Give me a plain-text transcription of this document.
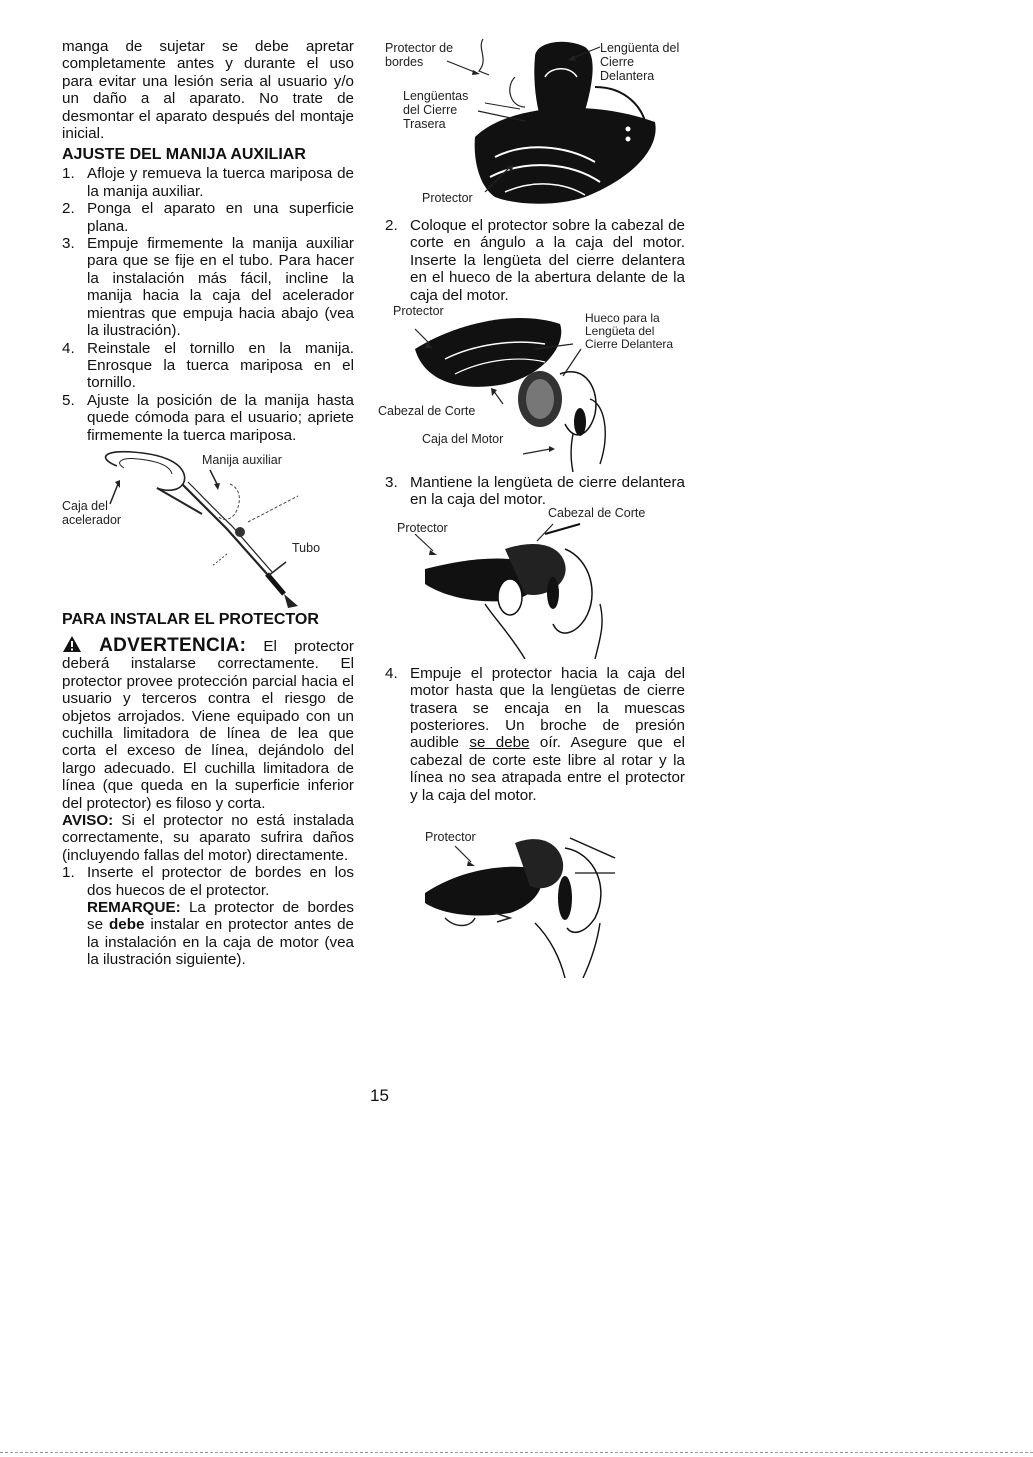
manga de sujetar se debe apretar completamente antes y durante el uso para evitar una lesión seria al usuario y/o un daño a al aparato. No trate de desmontar el aparato después del montaje inicial.

AJUSTE DEL MANIJA AUXILIAR
1. Afloje y remueva la tuerca mariposa de la manija auxiliar.
2. Ponga el aparato en una superficie plana.
3. Empuje firmemente la manija auxiliar para que se fije en el tubo. Para hacer la instalación más fácil, incline la manija hacia la caja del acelerador mientras que empuja hacia abajo (vea la ilustración).
4. Reinstale el tornillo en la manija. Enrosque la tuerca mariposa en el tornillo.
5. Ajuste la posición de la manija hasta quede cómoda para el usuario; apriete firmemente la tuerca mariposa.
Manija auxiliar
Caja del acelerador
Tubo
PARA INSTALAR EL PROTECTOR
ADVERTENCIA: El protector deberá instalarse correctamente. El protector provee protección parcial hacia el usuario y terceros contra el riesgo de objetos arrojados. Viene equipado con un cuchilla limitadora de línea de lea que corta el exceso de línea, dejándolo del largo adecuado. El cuchilla limitadora de línea (que queda en la superficie inferior del protector) es filoso y corta.

AVISO: Si el protector no está instalada correctamente, su aparato sufrira daños (incluyendo fallas del motor) directamente.

1. Inserte el protector de bordes en los dos huecos de el protector.
REMARQUE: La protector de bordes se debe instalar en protector antes de la instalación en la caja de motor (vea la ilustración siguiente).
Protector de bordes
Lengüenta del Cierre Delantera
Lengüentas del Cierre Trasera
Protector
2. Coloque el protector sobre la cabezal de corte en ángulo a la caja del motor. Inserte la lengüeta del cierre delantera en el hueco de la abertura delante de la caja del motor.
Protector	Hueco para la Lengüeta del Cierre Delantera
Cabezal de Corte
Caja del Motor
3. Mantiene la lengüeta de cierre delantera en la caja del motor.
Protector
Cabezal de Corte
4. Empuje el protector hacia la caja del motor hasta que la lengüetas de cierre trasera se encaja en la muescas posteriores. Un broche de presión audible se debe oír. Asegure que el cabezal de corte este libre al rotar y la línea no sea atrapada entre el protector y la caja del motor.
Protector
15
